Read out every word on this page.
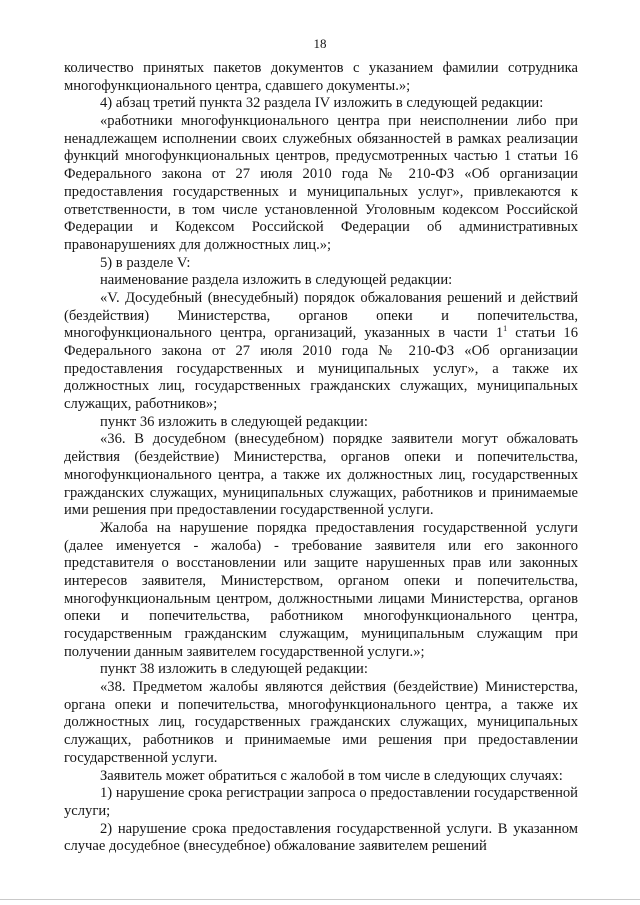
18

количество принятых пакетов документов с указанием фамилии сотрудника многофункционального центра, сдавшего документы.»;

4) абзац третий пункта 32 раздела IV изложить в следующей редакции:

«работники многофункционального центра при неисполнении либо при ненадлежащем исполнении своих служебных обязанностей в рамках реализации функций многофункциональных центров, предусмотренных частью 1 статьи 16 Федерального закона от 27 июля 2010 года № 210-ФЗ «Об организации предоставления государственных и муниципальных услуг», привлекаются к ответственности, в том числе установленной Уголовным кодексом Российской Федерации и Кодексом Российской Федерации об административных правонарушениях для должностных лиц.»;

5) в разделе V:

наименование раздела изложить в следующей редакции:

«V. Досудебный (внесудебный) порядок обжалования решений и действий (бездействия) Министерства, органов опеки и попечительства, многофункционального центра, организаций, указанных в части $1^1$ статьи 16 Федерального закона от 27 июля 2010 года № 210-ФЗ «Об организации предоставления государственных и муниципальных услуг», а также их должностных лиц, государственных гражданских служащих, муниципальных служащих, работников»;

пункт 36 изложить в следующей редакции:

«36. В досудебном (внесудебном) порядке заявители могут обжаловать действия (бездействие) Министерства, органов опеки и попечительства, многофункционального центра, а также их должностных лиц, государственных гражданских служащих, муниципальных служащих, работников и принимаемые ими решения при предоставлении государственной услуги.

Жалоба на нарушение порядка предоставления государственной услуги (далее именуется - жалоба) - требование заявителя или его законного представителя о восстановлении или защите нарушенных прав или законных интересов заявителя, Министерством, органом опеки и попечительства, многофункциональным центром, должностными лицами Министерства, органов опеки и попечительства, работником многофункционального центра, государственным гражданским служащим, муниципальным служащим при получении данным заявителем государственной услуги.»;

пункт 38 изложить в следующей редакции:

«38. Предметом жалобы являются действия (бездействие) Министерства, органа опеки и попечительства, многофункционального центра, а также их должностных лиц, государственных гражданских служащих, муниципальных служащих, работников и принимаемые ими решения при предоставлении государственной услуги.

Заявитель может обратиться с жалобой в том числе в следующих случаях:

1) нарушение срока регистрации запроса о предоставлении государственной услуги;

2) нарушение срока предоставления государственной услуги. В указанном случае досудебное (внесудебное) обжалование заявителем решений
